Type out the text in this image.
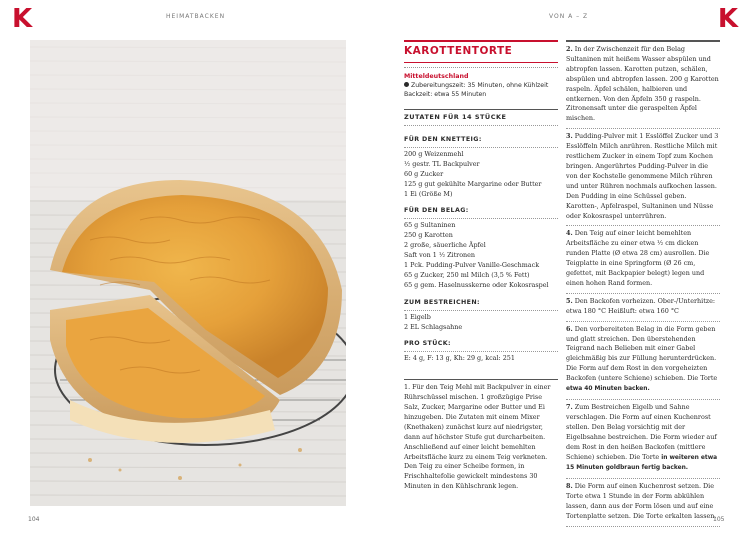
K	HEIMATBACKEN
104
VON A – Z	K
KAROTTENTORTE
Mitteldeutschland
Zubereitungszeit: 35 Minuten, ohne Kühlzeit
Backzeit: etwa 55 Minuten
ZUTATEN FÜR 14 STÜCKE
FÜR DEN KNETTEIG:
200 g Weizenmehl
½ gestr. TL Backpulver
60 g Zucker
125 g gut gekühlte Margarine oder Butter
1 Ei (Größe M)
FÜR DEN BELAG:
65 g Sultaninen
250 g Karotten
2 große, säuerliche Äpfel
Saft von 1 ½ Zitronen
1 Pck. Pudding-Pulver Vanille-Geschmack
65 g Zucker, 250 ml Milch (3,5 % Fett)
65 g gem. Haselnusskerne oder Kokosraspel
ZUM BESTREICHEN:
1 Eigelb
2 EL Schlagsahne
PRO STÜCK:
E: 4 g, F: 13 g, Kh: 29 g, kcal: 251
1. Für den Teig Mehl mit Backpulver in einer Rührschüssel mischen. 1 großzügige Prise Salz, Zucker, Margarine oder Butter und Ei hinzugeben. Die Zutaten mit einem Mixer (Knethaken) zunächst kurz auf niedrigster, dann auf höchster Stufe gut durcharbeiten. Anschließend auf einer leicht bemehlten Arbeitsfläche kurz zu einem Teig verkneten. Den Teig zu einer Scheibe formen, in Frischhaltefolie gewickelt mindestens 30 Minuten in den Kühlschrank legen.
2. In der Zwischenzeit für den Belag Sultaninen mit heißem Wasser abspülen und abtropfen lassen. Karotten putzen, schälen, abspülen und abtropfen lassen. 200 g Karotten raspeln. Äpfel schälen, halbieren und entkernen. Von den Äpfeln 350 g raspeln. Zitronensaft unter die geraspelten Äpfel mischen.
3. Pudding-Pulver mit 1 Esslöffel Zucker und 3 Esslöffeln Milch anrühren. Restliche Milch mit restlichem Zucker in einem Topf zum Kochen bringen. Angerührtes Pudding-Pulver in die von der Kochstelle genommene Milch rühren und unter Rühren nochmals aufkochen lassen. Den Pudding in eine Schüssel geben. Karotten-, Apfelraspel, Sultaninen und Nüsse oder Kokosraspel unterrühren.
4. Den Teig auf einer leicht bemehlten Arbeitsfläche zu einer etwa ½ cm dicken runden Platte (Ø etwa 28 cm) ausrollen. Die Teigplatte in eine Springform (Ø 26 cm, gefettet, mit Backpapier belegt) legen und einen hohen Rand formen.
5. Den Backofen vorheizen. Ober-/Unterhitze: etwa 180 °C Heißluft: etwa 160 °C
6. Den vorbereiteten Belag in die Form geben und glatt streichen. Den überstehenden Teigrand nach Belieben mit einer Gabel gleichmäßig bis zur Füllung herunterdrücken. Die Form auf dem Rost in den vorgeheizten Backofen (untere Schiene) schieben. Die Torte etwa 40 Minuten backen.
7. Zum Bestreichen Eigelb und Sahne verschlagen. Die Form auf einen Kuchenrost stellen. Den Belag vorsichtig mit der Eigelbsahne bestreichen. Die Form wieder auf dem Rost in den heißen Backofen (mittlere Schiene) schieben. Die Torte in weiteren etwa 15 Minuten goldbraun fertig backen.
8. Die Form auf einen Kuchenrost setzen. Die Torte etwa 1 Stunde in der Form abkühlen lassen, dann aus der Form lösen und auf eine Tortenplatte setzen. Die Torte erkalten lassen.
105
